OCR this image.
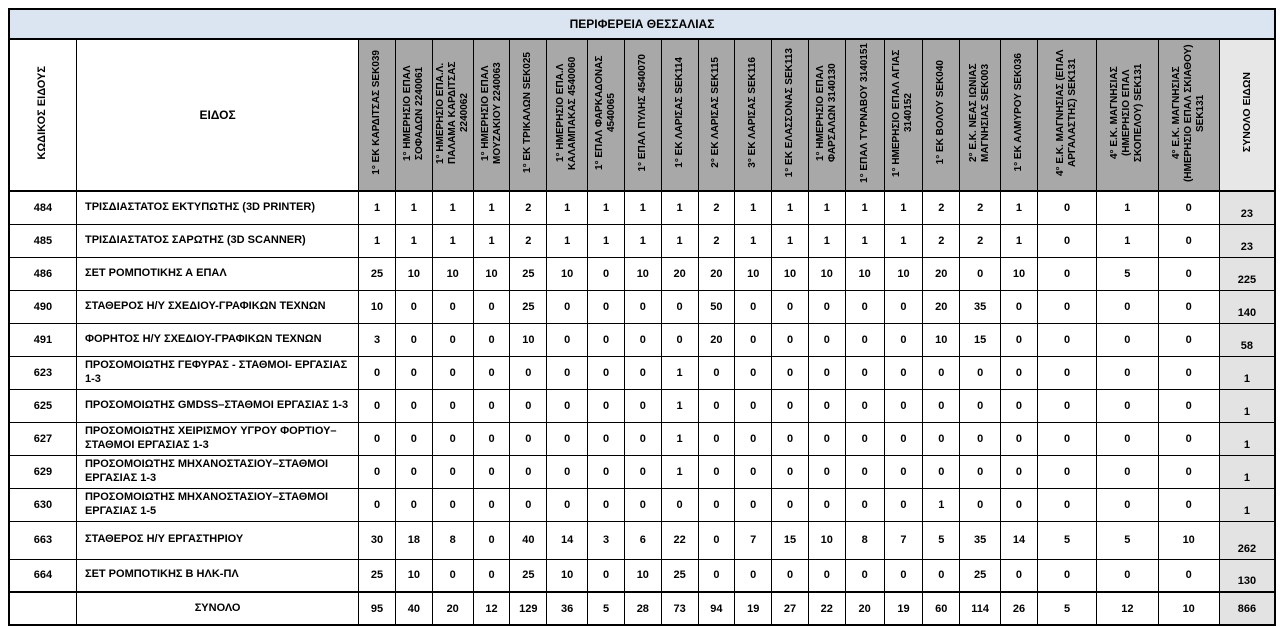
ΠΕΡΙΦΕΡΕΙΑ ΘΕΣΣΑΛΙΑΣ																							
ΚΩΔΙΚΟΣ ΕΙΔΟΥΣ	ΕΙΔΟΣ	1° ΕΚ ΚΑΡΔΙΤΣΑΣ SEK039	1° ΗΜΕΡΗΣΙΟ ΕΠΑΛ ΣΟΦΑΔΩΝ 2240061	1° ΗΜΕΡΗΣΙΟ ΕΠΑ.Λ. ΠΑΛΑΜΑ ΚΑΡΔΙΤΣΑΣ 2240062	1° ΗΜΕΡΗΣΙΟ ΕΠΑΛ ΜΟΥΖΑΚΙΟΥ 2240063	1° ΕΚ ΤΡΙΚΑΛΩΝ SEK025	1° ΗΜΕΡΗΣΙΟ ΕΠΑ.Λ ΚΑΛΑΜΠΑΚΑΣ 4540060	1° ΕΠΑΛ ΦΑΡΚΑΔΟΝΑΣ 4540065	1° ΕΠΑΛ ΠΥΛΗΣ 4540070	1° ΕΚ ΛΑΡΙΣΑΣ SEK114	2° ΕΚ ΛΑΡΙΣΑΣ SEK115	3° ΕΚ ΛΑΡΙΣΑΣ SEK116	1° ΕΚ ΕΛΑΣΣΟΝΑΣ SEK113	1° ΗΜΕΡΗΣΙΟ ΕΠΑΛ ΦΑΡΣΑΛΩΝ 3140130	1° ΕΠΑΛ ΤΥΡΝΑΒΟΥ 3140151	1° ΗΜΕΡΗΣΙΟ ΕΠΑΛ ΑΓΙΑΣ 3140152	1° ΕΚ ΒΟΛΟΥ SEK040	2° Ε.Κ. ΝΕΑΣ ΙΩΝΙΑΣ ΜΑΓΝΗΣΙΑΣ SEK003	1° ΕΚ ΑΛΜΥΡΟΥ SEK036	4° Ε.Κ. ΜΑΓΝΗΣΙΑΣ (ΕΠΑΛ ΑΡΓΑΛΑΣΤΗΣ) SEK131	4° Ε.Κ. ΜΑΓΝΗΣΙΑΣ (ΗΜΕΡΗΣΙΟ ΕΠΑΛ ΣΚΟΠΕΛΟΥ) SEK131	4° Ε.Κ. ΜΑΓΝΗΣΙΑΣ (ΗΜΕΡΗΣΙΟ ΕΠΑΛ ΣΚΙΑΘΟΥ) SEK131	ΣΥΝΟΛΟ ΕΙΔΩΝ
484	ΤΡΙΣΔΙΑΣΤΑΤΟΣ ΕΚΤΥΠΩΤΗΣ (3D PRINTER)	1	1	1	1	2	1	1	1	1	2	1	1	1	1	1	2	2	1	0	1	0	23
485	ΤΡΙΣΔΙΑΣΤΑΤΟΣ ΣΑΡΩΤΗΣ (3D SCANNER)	1	1	1	1	2	1	1	1	1	2	1	1	1	1	1	2	2	1	0	1	0	23
486	ΣΕΤ ΡΟΜΠΟΤΙΚΗΣ Α ΕΠΑΛ	25	10	10	10	25	10	0	10	20	20	10	10	10	10	10	20	0	10	0	5	0	225
490	ΣΤΑΘΕΡΟΣ Η/Υ ΣΧΕΔΙΟΥ-ΓΡΑΦΙΚΩΝ ΤΕΧΝΩΝ	10	0	0	0	25	0	0	0	0	50	0	0	0	0	0	20	35	0	0	0	0	140
491	ΦΟΡΗΤΟΣ Η/Υ ΣΧΕΔΙΟΥ-ΓΡΑΦΙΚΩΝ ΤΕΧΝΩΝ	3	0	0	0	10	0	0	0	0	20	0	0	0	0	0	10	15	0	0	0	0	58
623	ΠΡΟΣΟΜΟΙΩΤΗΣ ΓΕΦΥΡΑΣ - ΣΤΑΘΜΟΙ- ΕΡΓΑΣΙΑΣ 1-3	0	0	0	0	0	0	0	0	1	0	0	0	0	0	0	0	0	0	0	0	0	1
625	ΠΡΟΣΟΜΟΙΩΤΗΣ GMDSS–ΣΤΑΘΜΟΙ ΕΡΓΑΣΙΑΣ 1-3	0	0	0	0	0	0	0	0	1	0	0	0	0	0	0	0	0	0	0	0	0	1
627	ΠΡΟΣΟΜΟΙΩΤΗΣ ΧΕΙΡΙΣΜΟΥ ΥΓΡΟΥ ΦΟΡΤΙΟΥ–ΣΤΑΘΜΟΙ ΕΡΓΑΣΙΑΣ 1-3	0	0	0	0	0	0	0	0	1	0	0	0	0	0	0	0	0	0	0	0	0	1
629	ΠΡΟΣΟΜΟΙΩΤΗΣ ΜΗΧΑΝΟΣΤΑΣΙΟΥ–ΣΤΑΘΜΟΙ ΕΡΓΑΣΙΑΣ 1-3	0	0	0	0	0	0	0	0	1	0	0	0	0	0	0	0	0	0	0	0	0	1
630	ΠΡΟΣΟΜΟΙΩΤΗΣ ΜΗΧΑΝΟΣΤΑΣΙΟΥ–ΣΤΑΘΜΟΙ ΕΡΓΑΣΙΑΣ 1-5	0	0	0	0	0	0	0	0	0	0	0	0	0	0	0	1	0	0	0	0	0	1
663	ΣΤΑΘΕΡΟΣ Η/Υ ΕΡΓΑΣΤΗΡΙΟΥ	30	18	8	0	40	14	3	6	22	0	7	15	10	8	7	5	35	14	5	5	10	262
664	ΣΕΤ ΡΟΜΠΟΤΙΚΗΣ Β ΗΛΚ-ΠΛ	25	10	0	0	25	10	0	10	25	0	0	0	0	0	0	0	25	0	0	0	0	130
	ΣΥΝΟΛΟ	95	40	20	12	129	36	5	28	73	94	19	27	22	20	19	60	114	26	5	12	10	866
